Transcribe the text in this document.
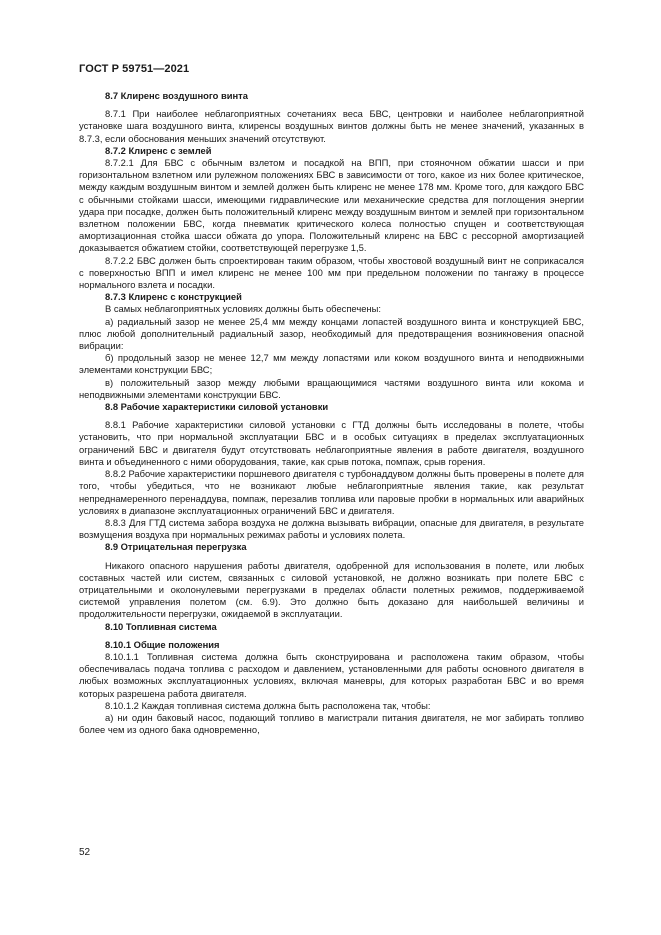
ГОСТ Р 59751—2021

8.7 Клиренс воздушного винта

8.7.1 При наиболее неблагоприятных сочетаниях веса БВС, центровки и наиболее неблагоприятной установке шага воздушного винта, клиренсы воздушных винтов должны быть не менее значений, указанных в 8.7.3, если обоснования меньших значений отсутствуют.

8.7.2 Клиренс с землей

8.7.2.1 Для БВС с обычным взлетом и посадкой на ВПП, при стояночном обжатии шасси и при горизонтальном взлетном или рулежном положениях БВС в зависимости от того, какое из них более критическое, между каждым воздушным винтом и землей должен быть клиренс не менее 178 мм. Кроме того, для каждого БВС с обычными стойками шасси, имеющими гидравлические или механические средства для поглощения энергии удара при посадке, должен быть положительный клиренс между воздушным винтом и землей при горизонтальном взлетном положении БВС, когда пневматик критического колеса полностью спущен и соответствующая амортизационная стойка шасси обжата до упора. Положительный клиренс на БВС с рессорной амортизацией доказывается обжатием стойки, соответствующей перегрузке 1,5.

8.7.2.2 БВС должен быть спроектирован таким образом, чтобы хвостовой воздушный винт не соприкасался с поверхностью ВПП и имел клиренс не менее 100 мм при предельном положении по тангажу в процессе нормального взлета и посадки.

8.7.3 Клиренс с конструкцией

В самых неблагоприятных условиях должны быть обеспечены:

а) радиальный зазор не менее 25,4 мм между концами лопастей воздушного винта и конструкцией БВС, плюс любой дополнительный радиальный зазор, необходимый для предотвращения возникновения опасной вибрации:

б) продольный зазор не менее 12,7 мм между лопастями или коком воздушного винта и неподвижными элементами конструкции БВС;

в) положительный зазор между любыми вращающимися частями воздушного винта или кокома и неподвижными элементами конструкции БВС.

8.8 Рабочие характеристики силовой установки

8.8.1 Рабочие характеристики силовой установки с ГТД должны быть исследованы в полете, чтобы установить, что при нормальной эксплуатации БВС и в особых ситуациях в пределах эксплуатационных ограничений БВС и двигателя будут отсутствовать неблагоприятные явления в работе двигателя, воздушного винта и объединенного с ними оборудования, такие, как срыв потока, помпаж, срыв горения.

8.8.2 Рабочие характеристики поршневого двигателя с турбонаддувом должны быть проверены в полете для того, чтобы убедиться, что не возникают любые неблагоприятные явления такие, как результат непреднамеренного перенаддува, помпаж, перезалив топлива или паровые пробки в нормальных или аварийных условиях в диапазоне эксплуатационных ограничений БВС и двигателя.

8.8.3 Для ГТД система забора воздуха не должна вызывать вибрации, опасные для двигателя, в результате возмущения воздуха при нормальных режимах работы и условиях полета.

8.9 Отрицательная перегрузка

Никакого опасного нарушения работы двигателя, одобренной для использования в полете, или любых составных частей или систем, связанных с силовой установкой, не должно возникать при полете БВС с отрицательными и околонулевыми перегрузками в пределах области полетных режимов, поддерживаемой системой управления полетом (см. 6.9). Это должно быть доказано для наибольшей величины и продолжительности перегрузки, ожидаемой в эксплуатации.

8.10 Топливная система

8.10.1 Общие положения

8.10.1.1 Топливная система должна быть сконструирована и расположена таким образом, чтобы обеспечивалась подача топлива с расходом и давлением, установленными для работы основного двигателя в любых возможных эксплуатационных условиях, включая маневры, для которых разработан БВС и во время которых разрешена работа двигателя.

8.10.1.2 Каждая топливная система должна быть расположена так, чтобы:

а) ни один баковый насос, подающий топливо в магистрали питания двигателя, не мог забирать топливо более чем из одного бака одновременно,

52
